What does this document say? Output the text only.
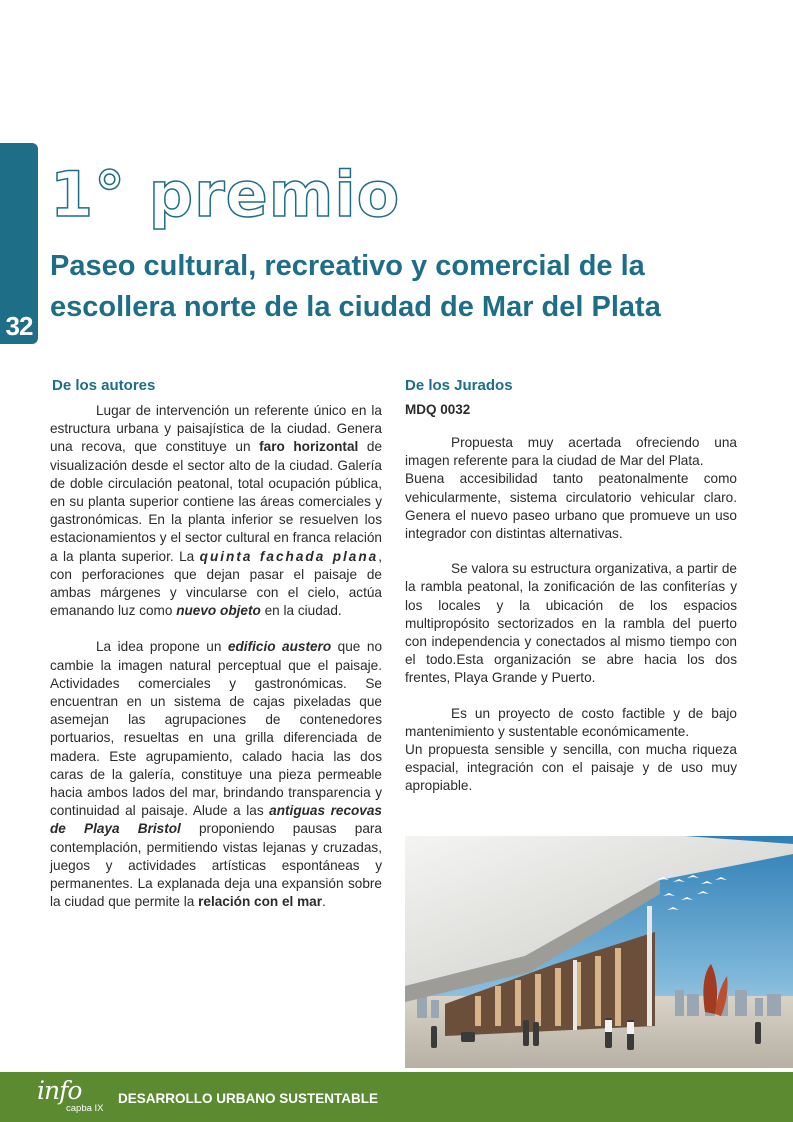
32
1° premio
Paseo cultural, recreativo y comercial de la escollera norte de la ciudad de Mar del Plata
De los autores

Lugar de intervención un referente único en la estructura urbana y paisajística de la ciudad. Genera una recova, que constituye un faro horizontal de visualización desde el sector alto de la ciudad. Galería de doble circulación peatonal, total ocupación pública, en su planta superior contiene las áreas comerciales y gastronómicas. En la planta inferior se resuelven los estacionamientos y el sector cultural en franca relación a la planta superior. La quinta fachada plana, con perforaciones que dejan pasar el paisaje de ambas márgenes y vincularse con el cielo, actúa emanando luz como nuevo objeto en la ciudad.

La idea propone un edificio austero que no cambie la imagen natural perceptual que el paisaje. Actividades comerciales y gastronómicas. Se encuentran en un sistema de cajas pixeladas que asemejan las agrupaciones de contenedores portuarios, resueltas en una grilla diferenciada de madera. Este agrupamiento, calado hacia las dos caras de la galería, constituye una pieza permeable hacia ambos lados del mar, brindando transparencia y continuidad al paisaje. Alude a las antiguas recovas de Playa Bristol proponiendo pausas para contemplación, permitiendo vistas lejanas y cruzadas, juegos y actividades artísticas espontáneas y permanentes. La explanada deja una expansión sobre la ciudad que permite la relación con el mar.

De los Jurados
MDQ 0032

Propuesta muy acertada ofreciendo una imagen referente para la ciudad de Mar del Plata.

Buena accesibilidad tanto peatonalmente como vehicularmente, sistema circulatorio vehicular claro. Genera el nuevo paseo urbano que promueve un uso integrador con distintas alternativas.

Se valora su estructura organizativa, a partir de la rambla peatonal, la zonificación de las confiterías y los locales y la ubicación de los espacios multipropósito sectorizados en la rambla del puerto con independencia y conectados al mismo tiempo con el todo.Esta organización se abre hacia los dos frentes, Playa Grande y Puerto.

Es un proyecto de costo factible y de bajo mantenimiento y sustentable económicamente.

Un propuesta sensible y sencilla, con mucha riqueza espacial, integración con el paisaje y de uso muy apropiable.

info
capba IX
DESARROLLO URBANO SUSTENTABLE
